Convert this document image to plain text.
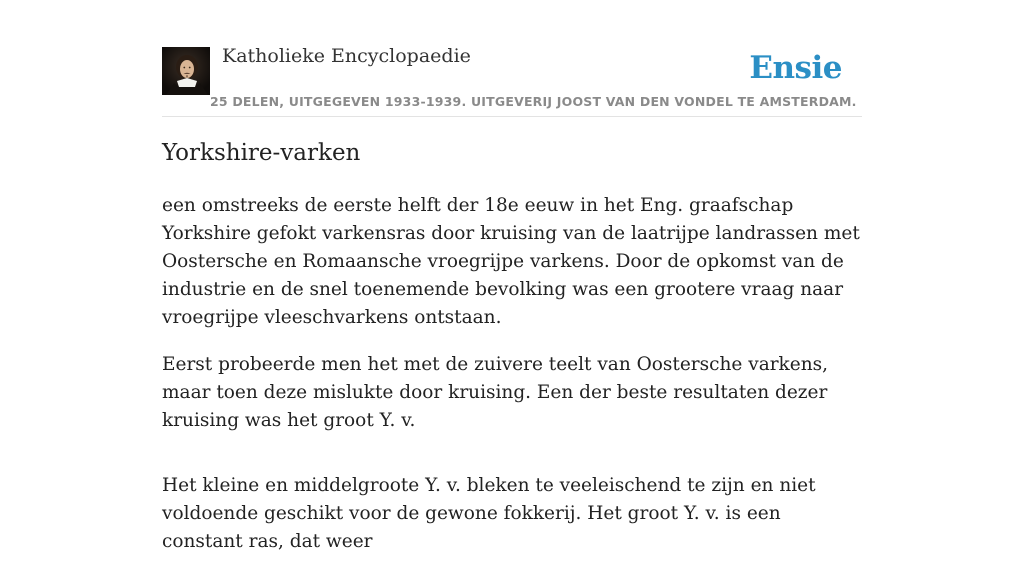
Katholieke Encyclopaedie	Ensie
25 DELEN, UITGEGEVEN 1933-1939. UITGEVERIJ JOOST VAN DEN VONDEL TE AMSTERDAM.
Yorkshire-varken

een omstreeks de eerste helft der 18e eeuw in het Eng. graafschap Yorkshire gefokt varkensras door kruising van de laatrijpe landrassen met Oostersche en Romaansche vroegrijpe varkens. Door de opkomst van de industrie en de snel toenemende bevolking was een grootere vraag naar vroegrijpe vleeschvarkens ontstaan.

Eerst probeerde men het met de zuivere teelt van Oostersche varkens, maar toen deze mislukte door kruising. Een der beste resultaten dezer kruising was het groot Y. v.

Het kleine en middelgroote Y. v. bleken te veeleischend te zijn en niet voldoende geschikt voor de gewone fokkerij. Het groot Y. v. is een constant ras, dat weer
